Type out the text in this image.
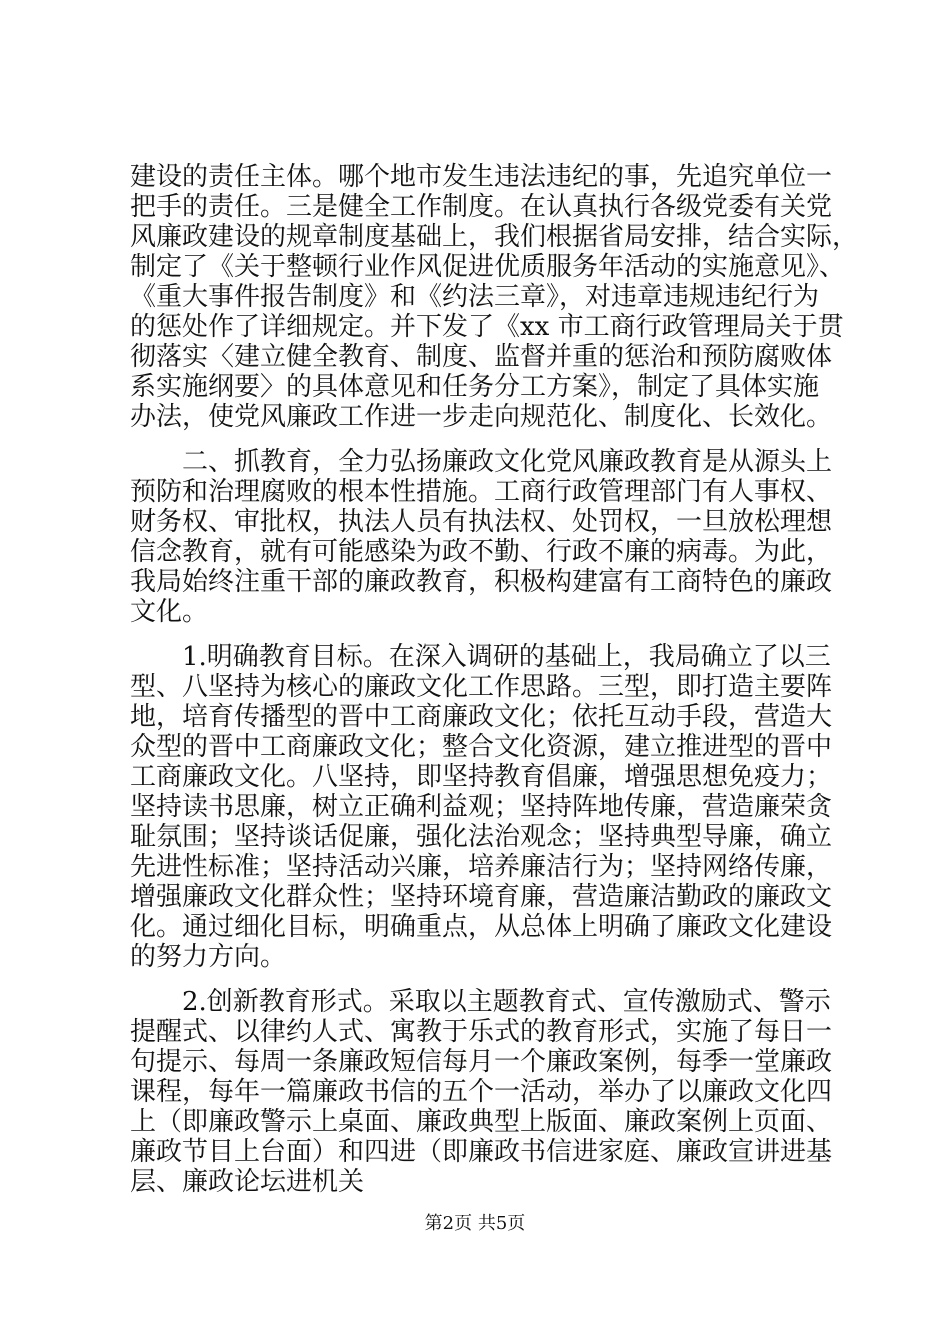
建设的责任主体。哪个地市发生违法违纪的事，先追究单位一
把手的责任。三是健全工作制度。在认真执行各级党委有关党
风廉政建设的规章制度基础上，我们根据省局安排，结合实际，
制定了《关于整顿行业作风促进优质服务年活动的实施意见》、
《重大事件报告制度》和《约法三章》，对违章违规违纪行为
的惩处作了详细规定。并下发了《xx 市工商行政管理局关于贯
彻落实〈建立健全教育、制度、监督并重的惩治和预防腐败体
系实施纲要〉的具体意见和任务分工方案》，制定了具体实施
办法，使党风廉政工作进一步走向规范化、制度化、长效化。
　　二、抓教育，全力弘扬廉政文化党风廉政教育是从源头上
预防和治理腐败的根本性措施。工商行政管理部门有人事权、
财务权、审批权，执法人员有执法权、处罚权，一旦放松理想
信念教育，就有可能感染为政不勤、行政不廉的病毒。为此，
我局始终注重干部的廉政教育，积极构建富有工商特色的廉政
文化。
　　1.明确教育目标。在深入调研的基础上，我局确立了以三
型、八坚持为核心的廉政文化工作思路。三型，即打造主要阵
地，培育传播型的晋中工商廉政文化；依托互动手段，营造大
众型的晋中工商廉政文化；整合文化资源，建立推进型的晋中
工商廉政文化。八坚持，即坚持教育倡廉，增强思想免疫力；
坚持读书思廉，树立正确利益观；坚持阵地传廉，营造廉荣贪
耻氛围；坚持谈话促廉，强化法治观念；坚持典型导廉，确立
先进性标准；坚持活动兴廉，培养廉洁行为；坚持网络传廉，
增强廉政文化群众性；坚持环境育廉，营造廉洁勤政的廉政文
化。通过细化目标，明确重点，从总体上明确了廉政文化建设
的努力方向。
　　2.创新教育形式。采取以主题教育式、宣传激励式、警示
提醒式、以律约人式、寓教于乐式的教育形式，实施了每日一
句提示、每周一条廉政短信每月一个廉政案例，每季一堂廉政
课程，每年一篇廉政书信的五个一活动，举办了以廉政文化四
上（即廉政警示上桌面、廉政典型上版面、廉政案例上页面、
廉政节目上台面）和四进（即廉政书信进家庭、廉政宣讲进基
层、廉政论坛进机关
第2页 共5页
